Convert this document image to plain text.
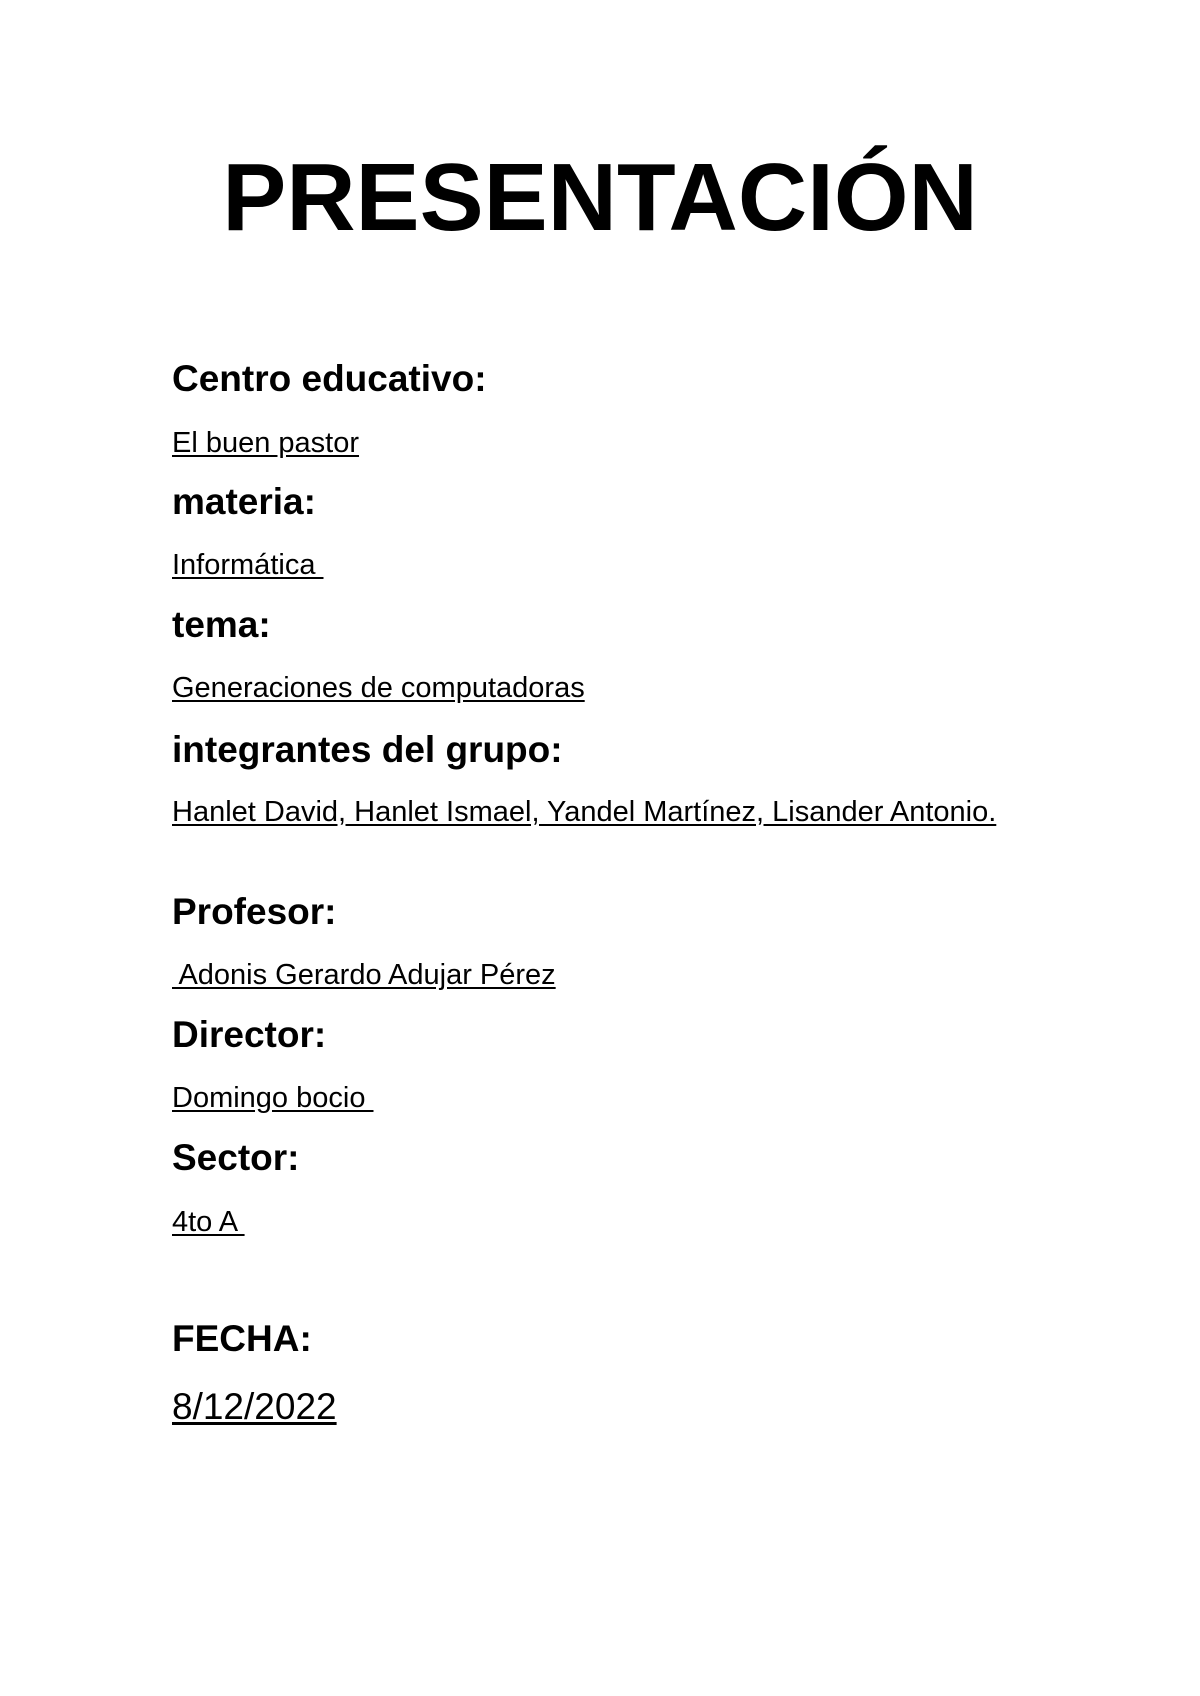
PRESENTACIÓN
Centro educativo:
El buen pastor
materia:
Informática
tema:
Generaciones de computadoras
integrantes del grupo:
Hanlet David, Hanlet Ismael, Yandel Martínez, Lisander Antonio.
Profesor:
Adonis Gerardo Adujar Pérez
Director:
Domingo bocio
Sector:
4to A
FECHA:
8/12/2022
